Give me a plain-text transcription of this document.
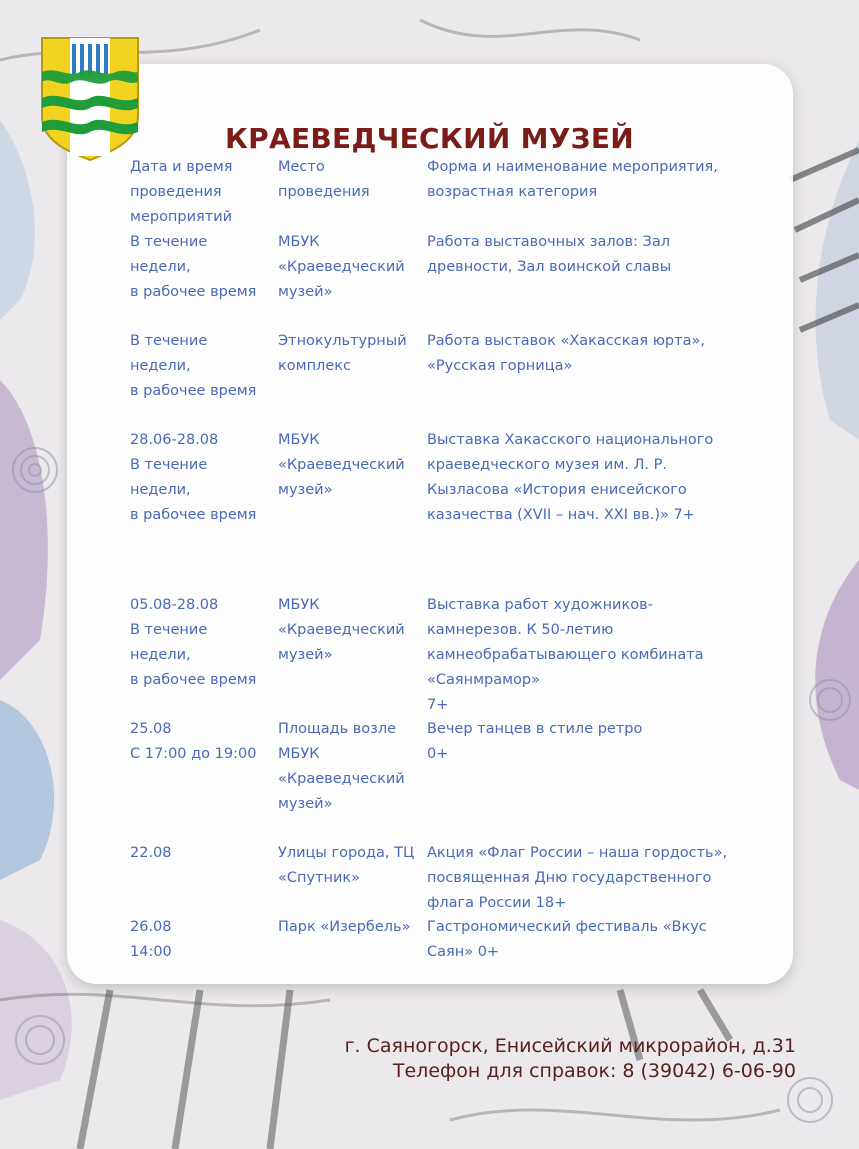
КРАЕВЕДЧЕСКИЙ МУЗЕЙ
Дата и время
проведения
мероприятий
Место
проведения
Форма и наименование мероприятия,
возрастная категория
В течение
недели,
в рабочее время
МБУК
«Краеведческий
музей»
Работа выставочных залов: Зал
древности, Зал воинской славы
В течение
недели,
в рабочее время
Этнокультурный
комплекс
Работа выставок «Хакасская юрта»,
«Русская горница»
28.06-28.08
В течение
недели,
в рабочее время
МБУК
«Краеведческий
музей»
Выставка Хакасского национального
краеведческого музея им. Л. Р.
Кызласова «История енисейского
казачества (XVII – нач. XXI вв.)» 7+
05.08-28.08
В течение
недели,
в рабочее время
МБУК
«Краеведческий
музей»
Выставка работ художников-
камнерезов. К 50-летию
камнеобрабатывающего комбината
«Саянмрамор»
7+
25.08
С 17:00 до 19:00
Площадь возле
МБУК
«Краеведческий
музей»
Вечер танцев в стиле ретро
0+
22.08	Улицы города, ТЦ
«Спутник»
Акция «Флаг России – наша гордость»,
посвященная Дню государственного
флага России 18+
26.08
14:00
Парк «Изербель»	Гастрономический фестиваль «Вкус
Саян» 0+
г. Саяногорск, Енисейский микрорайон, д.31
Телефон для справок: 8 (39042) 6-06-90
